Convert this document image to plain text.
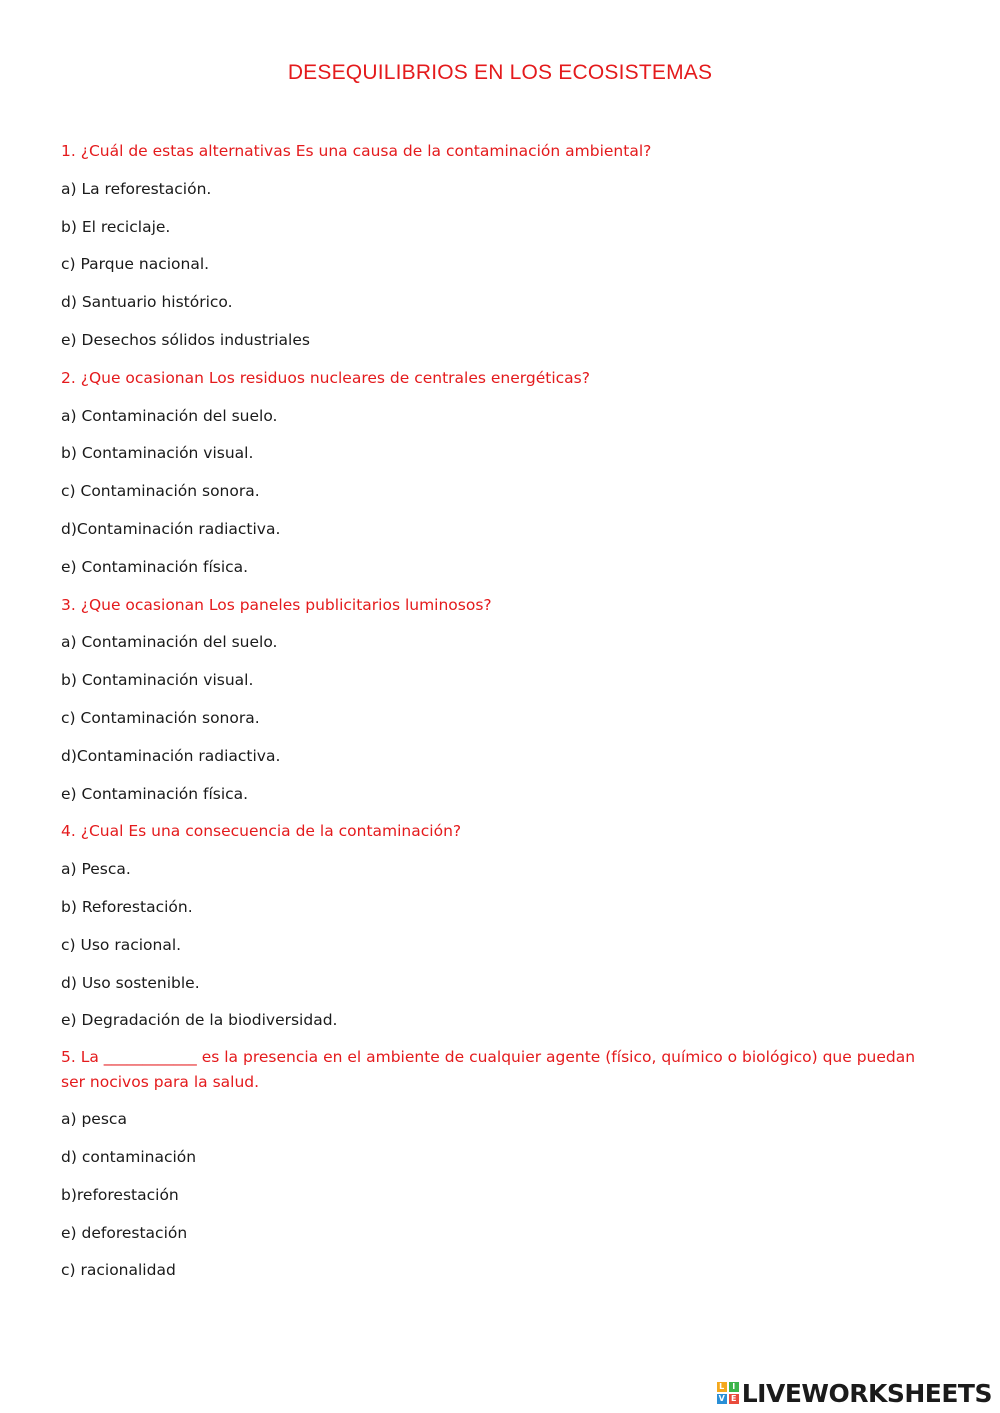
DESEQUILIBRIOS EN LOS ECOSISTEMAS
1. ¿Cuál de estas alternativas Es una causa de la contaminación ambiental?
a) La reforestación.
b) El reciclaje.
c) Parque nacional.
d) Santuario histórico.
e) Desechos sólidos industriales
2. ¿Que ocasionan Los residuos nucleares de centrales energéticas?
a) Contaminación del suelo.
b) Contaminación visual.
c) Contaminación sonora.
d)Contaminación radiactiva.
e) Contaminación física.
3. ¿Que ocasionan Los paneles publicitarios luminosos?
a) Contaminación del suelo.
b) Contaminación visual.
c) Contaminación sonora.
d)Contaminación radiactiva.
e) Contaminación física.
4. ¿Cual Es una consecuencia de la contaminación?
a) Pesca.
b) Reforestación.
c) Uso racional.
d) Uso sostenible.
e) Degradación de la biodiversidad.
5. La ____________ es la presencia en el ambiente de cualquier agente (físico, químico o biológico) que puedan ser nocivos para la salud.
a) pesca
d) contaminación
b)reforestación
e) deforestación
c) racionalidad
L I
V E LIVEWORKSHEETS
